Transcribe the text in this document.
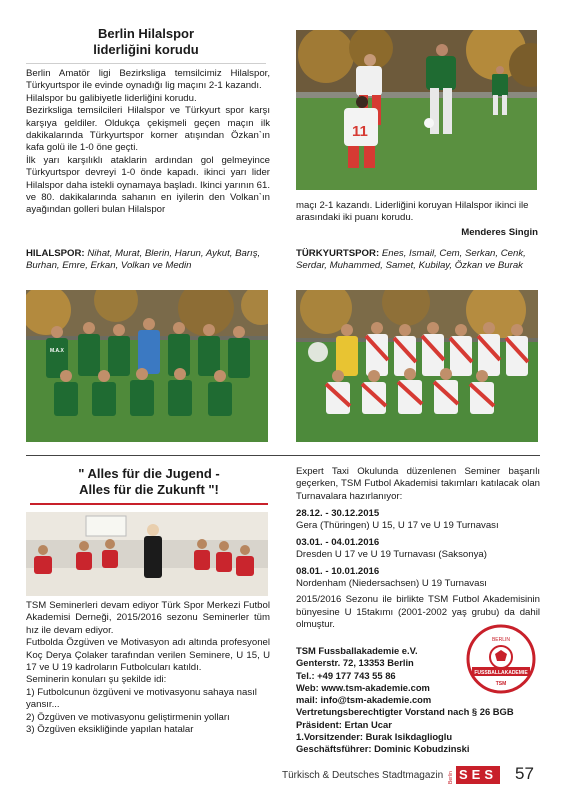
Berlin Hilalspor
liderliğini korudu

Berlin Amatör ligi Bezirksliga temsilcimiz Hilalspor, Türkyurtspor ile evinde oynadığı lig maçını 2-1 kazandı.

Hilalspor bu galibiyetle liderliğini korudu.

Bezirksliga temsilcileri Hilalspor ve Türkyurt spor karşı karşıya geldiler. Oldukça çekişmeli geçen maçın ilk dakikalarında Türkyurtspor korner atışından Özkan`ın kafa golü ile 1-0 öne geçti.

İlk yarı karşılıklı ataklarin ardından gol gelmeyince Türkyurtspor devreyi 1-0 önde kapadı. ikinci yarı lider Hilalspor daha istekli oynamaya başladı. Ikinci yarının 61. ve 80. dakikalarında sahanın en iyilerin den Volkan`ın ayağından golleri bulan Hilalspor

HILALSPOR: Nihat, Murat, Blerin, Harun, Aykut, Barış, Burhan, Emre, Erkan, Volkan ve Medin
11

maçı 2-1 kazandı. Liderliğini koruyan Hilalspor ikinci ile arasındaki iki puanı korudu.

Menderes Singin

TÜRKYURTSPOR: Enes, Ismail, Cem, Serkan, Cenk, Serdar, Muhammed, Samet, Kubilay, Özkan ve Burak
M.A.X
" Alles für die Jugend -
Alles für die Zukunft "!

TSM Seminerleri devam ediyor Türk Spor Merkezi Futbol Akademisi Derneği, 2015/2016 sezonu Seminerler tüm hız ile devam ediyor.

Futbolda Özgüven ve Motivasyon adı altında profesyonel Koç Derya Çolaker tarafından verilen Seminere, U 15, U 17 ve U 19 kadroların Futbolcuları katıldı.

Seminerin konuları şu şekilde idi:

1) Futbolcunun özgüveni ve motivasyonu sahaya nasıl yansır...

2) Özgüven ve motivasyonu geliştirmenin yolları

3) Özgüven eksikliğinde yapılan hatalar

Expert Taxi Okulunda düzenlenen Seminer başarılı geçerken, TSM Futbol Akademisi takımları katılacak olan Turnavalara hazırlanıyor:

28.12. - 30.12.2015
Gera (Thüringen) U 15, U 17 ve U 19 Turnavası
03.01. - 04.01.2016
Dresden U 17 ve U 19 Turnavası (Saksonya)
08.01. - 10.01.2016
Nordenham (Niedersachsen) U 19 Turnavası

2015/2016 Sezonu ile birlikte TSM Futbol Akademisinin bünyesine U 15takımı (2001-2002 yaş grubu) da dahil olmuştur.

TSM Fussballakademie e.V.
Genterstr. 72, 13353 Berlin
Tel.: +49 177 743 55 86
Web: www.tsm-akademie.com
mail: info@tsm-akademie.com
Vertretungsberechtigter Vorstand nach § 26 BGB
Präsident: Ertan Ucar
1.Vorsitzender: Burak Isikdaglioglu
Geschäftsführer: Dominic Kobudzinski
BERLIN
FUSSBALLAKADEMIE
TSM
Türkisch & Deutsches Stadtmagazin Berlin SES 57
